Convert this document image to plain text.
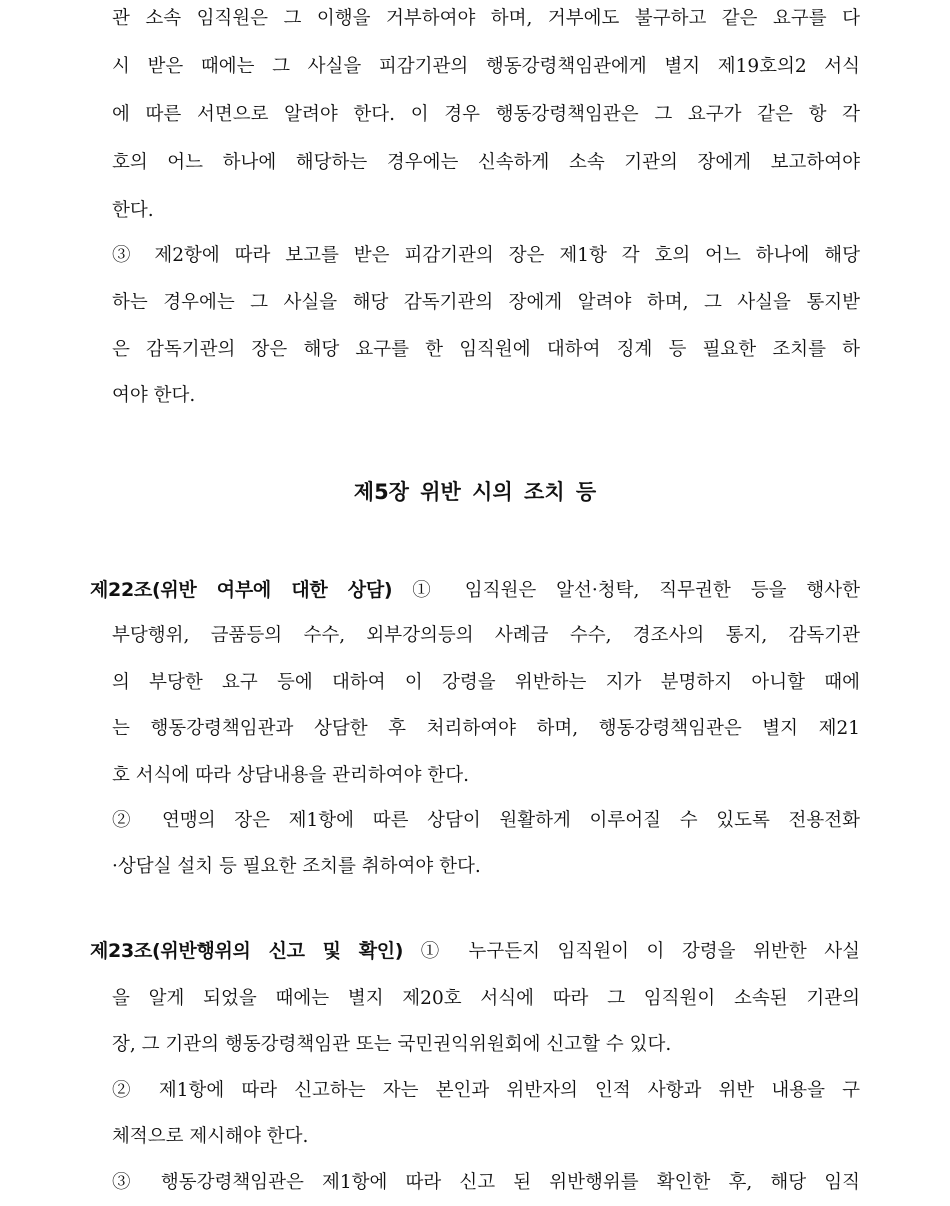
관 소속 임직원은 그 이행을 거부하여야 하며, 거부에도 불구하고 같은 요구를 다
시 받은 때에는 그 사실을 피감기관의 행동강령책임관에게 별지 제19호의2 서식
에 따른 서면으로 알려야 한다. 이 경우 행동강령책임관은 그 요구가 같은 항 각
호의 어느 하나에 해당하는 경우에는 신속하게 소속 기관의 장에게 보고하여야
한다.
③ 제2항에 따라 보고를 받은 피감기관의 장은 제1항 각 호의 어느 하나에 해당
하는 경우에는 그 사실을 해당 감독기관의 장에게 알려야 하며, 그 사실을 통지받
은 감독기관의 장은 해당 요구를 한 임직원에 대하여 징계 등 필요한 조치를 하
여야 한다.
제5장 위반 시의 조치 등
제22조(위반 여부에 대한 상담) ① 임직원은 알선·청탁, 직무권한 등을 행사한
부당행위, 금품등의 수수, 외부강의등의 사례금 수수, 경조사의 통지, 감독기관
의 부당한 요구 등에 대하여 이 강령을 위반하는 지가 분명하지 아니할 때에
는 행동강령책임관과 상담한 후 처리하여야 하며, 행동강령책임관은 별지 제21
호 서식에 따라 상담내용을 관리하여야 한다.
② 연맹의 장은 제1항에 따른 상담이 원활하게 이루어질 수 있도록 전용전화
·상담실 설치 등 필요한 조치를 취하여야 한다.
제23조(위반행위의 신고 및 확인) ① 누구든지 임직원이 이 강령을 위반한 사실
을 알게 되었을 때에는 별지 제20호 서식에 따라 그 임직원이 소속된 기관의
장, 그 기관의 행동강령책임관 또는 국민권익위원회에 신고할 수 있다.
② 제1항에 따라 신고하는 자는 본인과 위반자의 인적 사항과 위반 내용을 구
체적으로 제시해야 한다.
③ 행동강령책임관은 제1항에 따라 신고 된 위반행위를 확인한 후, 해당 임직
